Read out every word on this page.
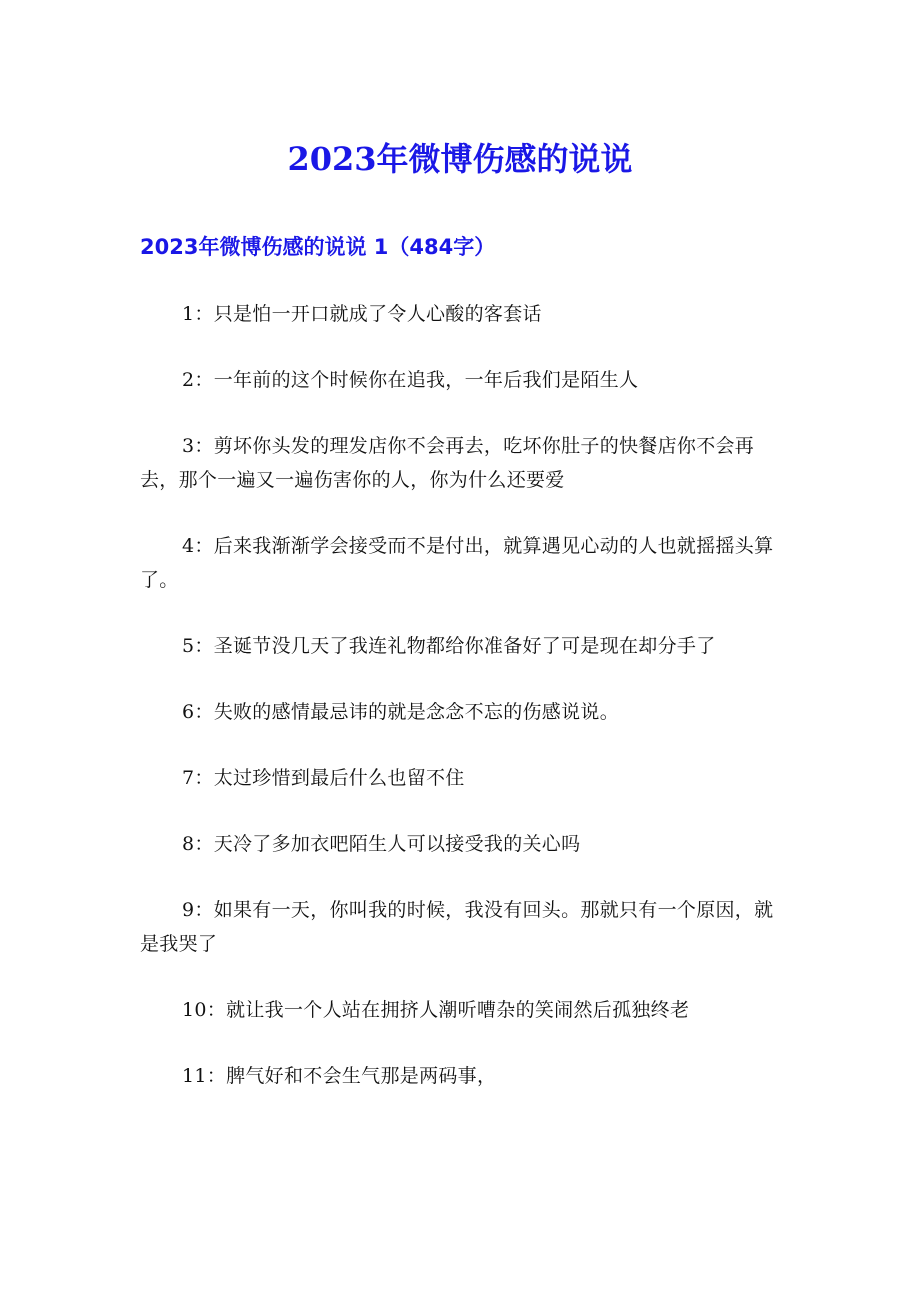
2023年微博伤感的说说
2023年微博伤感的说说 1（484字）

1：只是怕一开口就成了令人心酸的客套话

2：一年前的这个时候你在追我，一年后我们是陌生人

3：剪坏你头发的理发店你不会再去，吃坏你肚子的快餐店你不会再去，那个一遍又一遍伤害你的人，你为什么还要爱

4：后来我渐渐学会接受而不是付出，就算遇见心动的人也就摇摇头算了。

5：圣诞节没几天了我连礼物都给你准备好了可是现在却分手了

6：失败的感情最忌讳的就是念念不忘的伤感说说。

7：太过珍惜到最后什么也留不住

8：天冷了多加衣吧陌生人可以接受我的关心吗

9：如果有一天，你叫我的时候，我没有回头。那就只有一个原因，就是我哭了

10：就让我一个人站在拥挤人潮听嘈杂的笑闹然后孤独终老

11：脾气好和不会生气那是两码事，
